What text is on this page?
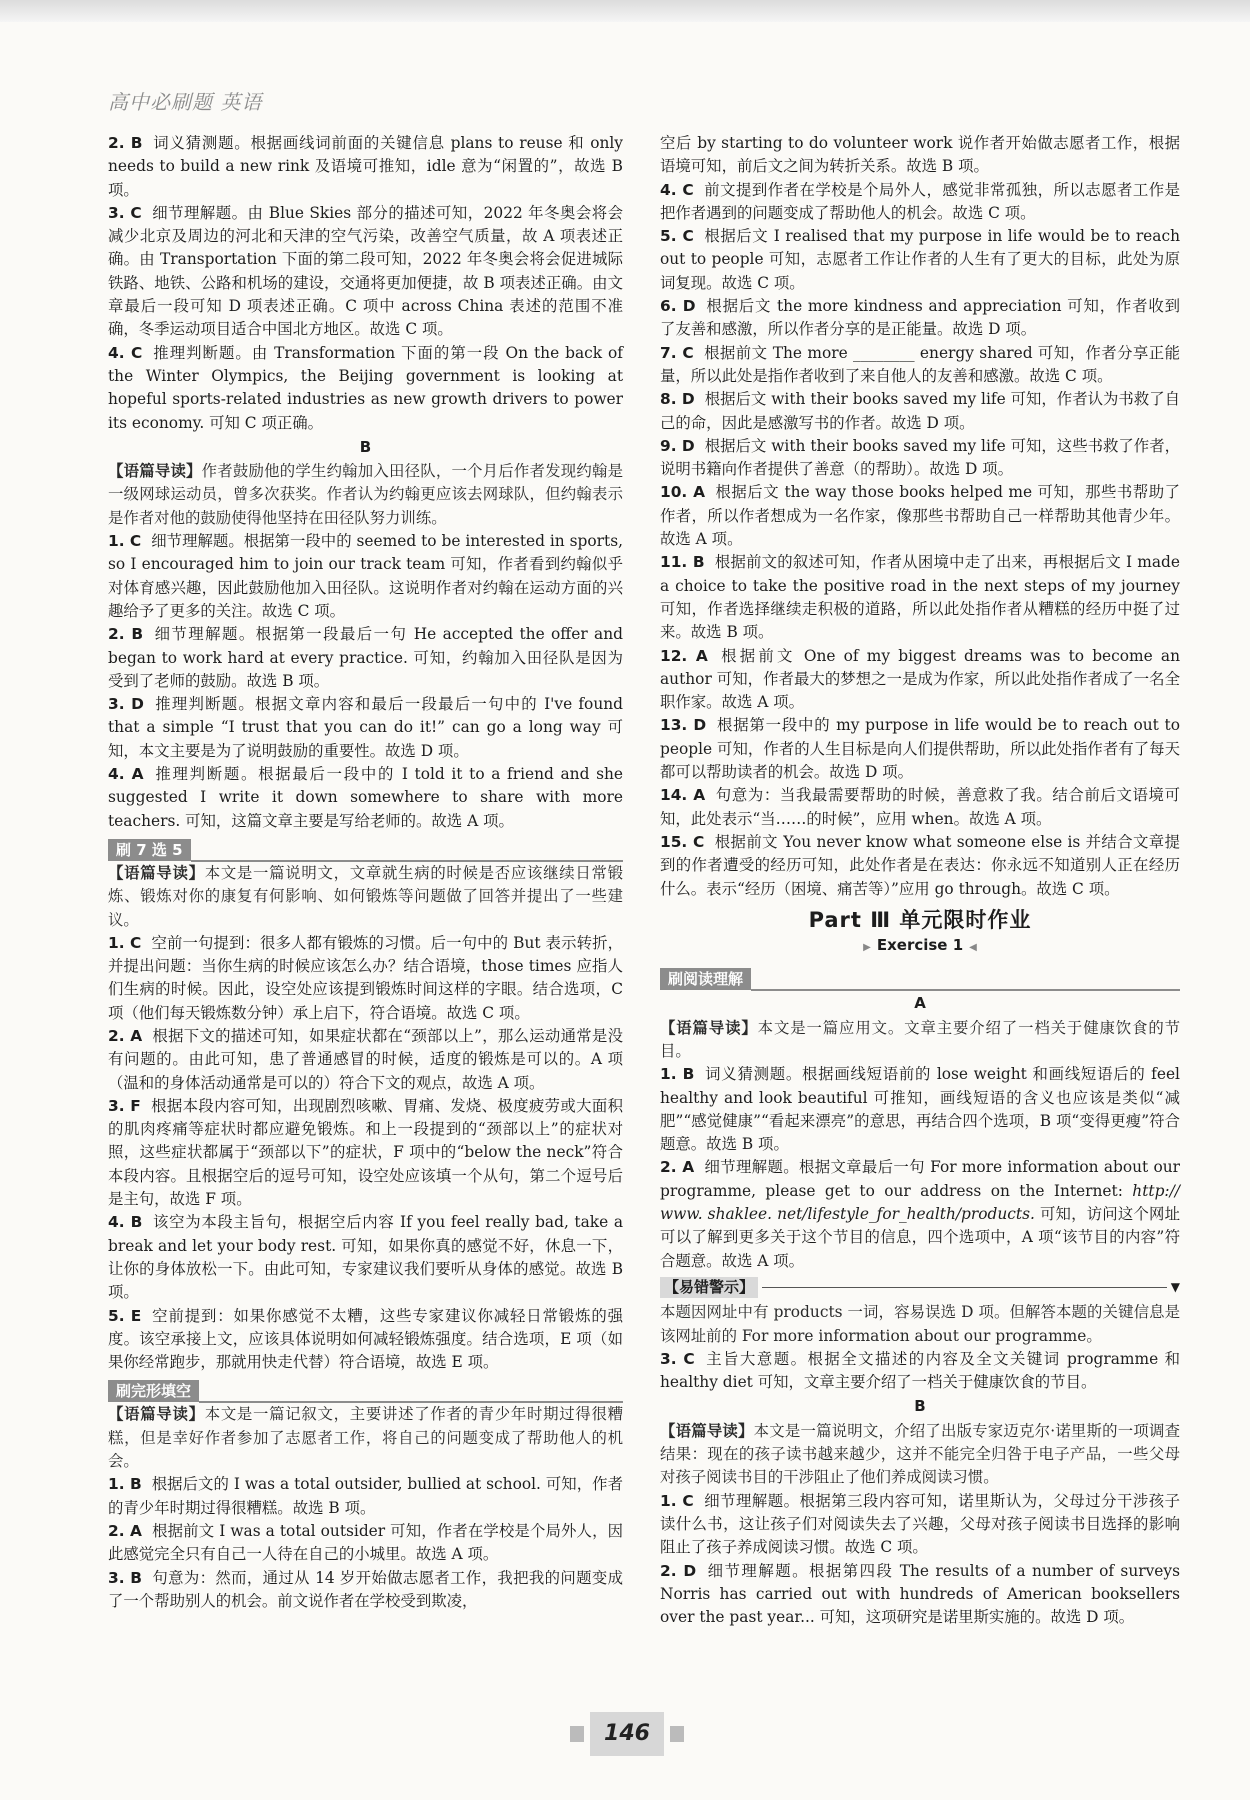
高中必刷题 英语

2. B 词义猜测题。根据画线词前面的关键信息 plans to reuse 和 only needs to build a new rink 及语境可推知，idle 意为“闲置的”，故选 B 项。

3. C 细节理解题。由 Blue Skies 部分的描述可知，2022 年冬奥会将会减少北京及周边的河北和天津的空气污染，改善空气质量，故 A 项表述正确。由 Transportation 下面的第二段可知，2022 年冬奥会将会促进城际铁路、地铁、公路和机场的建设，交通将更加便捷，故 B 项表述正确。由文章最后一段可知 D 项表述正确。C 项中 across China 表述的范围不准确，冬季运动项目适合中国北方地区。故选 C 项。

4. C 推理判断题。由 Transformation 下面的第一段 On the back of the Winter Olympics, the Beijing government is looking at hopeful sports-related industries as new growth drivers to power its economy. 可知 C 项正确。

B

【语篇导读】作者鼓励他的学生约翰加入田径队，一个月后作者发现约翰是一级网球运动员，曾多次获奖。作者认为约翰更应该去网球队，但约翰表示是作者对他的鼓励使得他坚持在田径队努力训练。

1. C 细节理解题。根据第一段中的 seemed to be interested in sports, so I encouraged him to join our track team 可知，作者看到约翰似乎对体育感兴趣，因此鼓励他加入田径队。这说明作者对约翰在运动方面的兴趣给予了更多的关注。故选 C 项。

2. B 细节理解题。根据第一段最后一句 He accepted the offer and began to work hard at every practice. 可知，约翰加入田径队是因为受到了老师的鼓励。故选 B 项。

3. D 推理判断题。根据文章内容和最后一段最后一句中的 I've found that a simple “I trust that you can do it!” can go a long way 可知，本文主要是为了说明鼓励的重要性。故选 D 项。

4. A 推理判断题。根据最后一段中的 I told it to a friend and she suggested I write it down somewhere to share with more teachers. 可知，这篇文章主要是写给老师的。故选 A 项。

刷 7 选 5

【语篇导读】本文是一篇说明文，文章就生病的时候是否应该继续日常锻炼、锻炼对你的康复有何影响、如何锻炼等问题做了回答并提出了一些建议。

1. C 空前一句提到：很多人都有锻炼的习惯。后一句中的 But 表示转折，并提出问题：当你生病的时候应该怎么办？结合语境，those times 应指人们生病的时候。因此，设空处应该提到锻炼时间这样的字眼。结合选项，C 项（他们每天锻炼数分钟）承上启下，符合语境。故选 C 项。

2. A 根据下文的描述可知，如果症状都在“颈部以上”，那么运动通常是没有问题的。由此可知，患了普通感冒的时候，适度的锻炼是可以的。A 项（温和的身体活动通常是可以的）符合下文的观点，故选 A 项。

3. F 根据本段内容可知，出现剧烈咳嗽、胃痛、发烧、极度疲劳或大面积的肌肉疼痛等症状时都应避免锻炼。和上一段提到的“颈部以上”的症状对照，这些症状都属于“颈部以下”的症状，F 项中的“below the neck”符合本段内容。且根据空后的逗号可知，设空处应该填一个从句，第二个逗号后是主句，故选 F 项。

4. B 该空为本段主旨句，根据空后内容 If you feel really bad, take a break and let your body rest. 可知，如果你真的感觉不好，休息一下，让你的身体放松一下。由此可知，专家建议我们要听从身体的感觉。故选 B 项。

5. E 空前提到：如果你感觉不太糟，这些专家建议你减轻日常锻炼的强度。该空承接上文，应该具体说明如何减轻锻炼强度。结合选项，E 项（如果你经常跑步，那就用快走代替）符合语境，故选 E 项。

刷完形填空

【语篇导读】本文是一篇记叙文，主要讲述了作者的青少年时期过得很糟糕，但是幸好作者参加了志愿者工作，将自己的问题变成了帮助他人的机会。

1. B 根据后文的 I was a total outsider, bullied at school. 可知，作者的青少年时期过得很糟糕。故选 B 项。

2. A 根据前文 I was a total outsider 可知，作者在学校是个局外人，因此感觉完全只有自己一人待在自己的小城里。故选 A 项。

3. B 句意为：然而，通过从 14 岁开始做志愿者工作，我把我的问题变成了一个帮助别人的机会。前文说作者在学校受到欺凌，

空后 by starting to do volunteer work 说作者开始做志愿者工作，根据语境可知，前后文之间为转折关系。故选 B 项。

4. C 前文提到作者在学校是个局外人，感觉非常孤独，所以志愿者工作是把作者遇到的问题变成了帮助他人的机会。故选 C 项。

5. C 根据后文 I realised that my purpose in life would be to reach out to people 可知，志愿者工作让作者的人生有了更大的目标，此处为原词复现。故选 C 项。

6. D 根据后文 the more kindness and appreciation 可知，作者收到了友善和感激，所以作者分享的是正能量。故选 D 项。

7. C 根据前文 The more ________ energy shared 可知，作者分享正能量，所以此处是指作者收到了来自他人的友善和感激。故选 C 项。

8. D 根据后文 with their books saved my life 可知，作者认为书救了自己的命，因此是感激写书的作者。故选 D 项。

9. D 根据后文 with their books saved my life 可知，这些书救了作者，说明书籍向作者提供了善意（的帮助）。故选 D 项。

10. A 根据后文 the way those books helped me 可知，那些书帮助了作者，所以作者想成为一名作家，像那些书帮助自己一样帮助其他青少年。故选 A 项。

11. B 根据前文的叙述可知，作者从困境中走了出来，再根据后文 I made a choice to take the positive road in the next steps of my journey 可知，作者选择继续走积极的道路，所以此处指作者从糟糕的经历中挺了过来。故选 B 项。

12. A 根据前文 One of my biggest dreams was to become an author 可知，作者最大的梦想之一是成为作家，所以此处指作者成了一名全职作家。故选 A 项。

13. D 根据第一段中的 my purpose in life would be to reach out to people 可知，作者的人生目标是向人们提供帮助，所以此处指作者有了每天都可以帮助读者的机会。故选 D 项。

14. A 句意为：当我最需要帮助的时候，善意救了我。结合前后文语境可知，此处表示“当……的时候”，应用 when。故选 A 项。

15. C 根据前文 You never know what someone else is 并结合文章提到的作者遭受的经历可知，此处作者是在表达：你永远不知道别人正在经历什么。表示“经历（困境、痛苦等）”应用 go through。故选 C 项。

Part Ⅲ 单元限时作业
▶ Exercise 1 ◀
刷阅读理解
A

【语篇导读】本文是一篇应用文。文章主要介绍了一档关于健康饮食的节目。

1. B 词义猜测题。根据画线短语前的 lose weight 和画线短语后的 feel healthy and look beautiful 可推知，画线短语的含义也应该是类似“减肥”“感觉健康”“看起来漂亮”的意思，再结合四个选项，B 项“变得更瘦”符合题意。故选 B 项。

2. A 细节理解题。根据文章最后一句 For more information about our programme, please get to our address on the Internet: http:// www. shaklee. net/lifestyle_for_health/products. 可知，访问这个网址可以了解到更多关于这个节目的信息，四个选项中，A 项“该节目的内容”符合题意。故选 A 项。

【易错警示】	▼

本题因网址中有 products 一词，容易误选 D 项。但解答本题的关键信息是该网址前的 For more information about our programme。

3. C 主旨大意题。根据全文描述的内容及全文关键词 programme 和 healthy diet 可知，文章主要介绍了一档关于健康饮食的节目。

B

【语篇导读】本文是一篇说明文，介绍了出版专家迈克尔·诺里斯的一项调查结果：现在的孩子读书越来越少，这并不能完全归咎于电子产品，一些父母对孩子阅读书目的干涉阻止了他们养成阅读习惯。

1. C 细节理解题。根据第三段内容可知，诺里斯认为，父母过分干涉孩子读什么书，这让孩子们对阅读失去了兴趣，父母对孩子阅读书目选择的影响阻止了孩子养成阅读习惯。故选 C 项。

2. D 细节理解题。根据第四段 The results of a number of surveys Norris has carried out with hundreds of American booksellers over the past year... 可知，这项研究是诺里斯实施的。故选 D 项。

146
